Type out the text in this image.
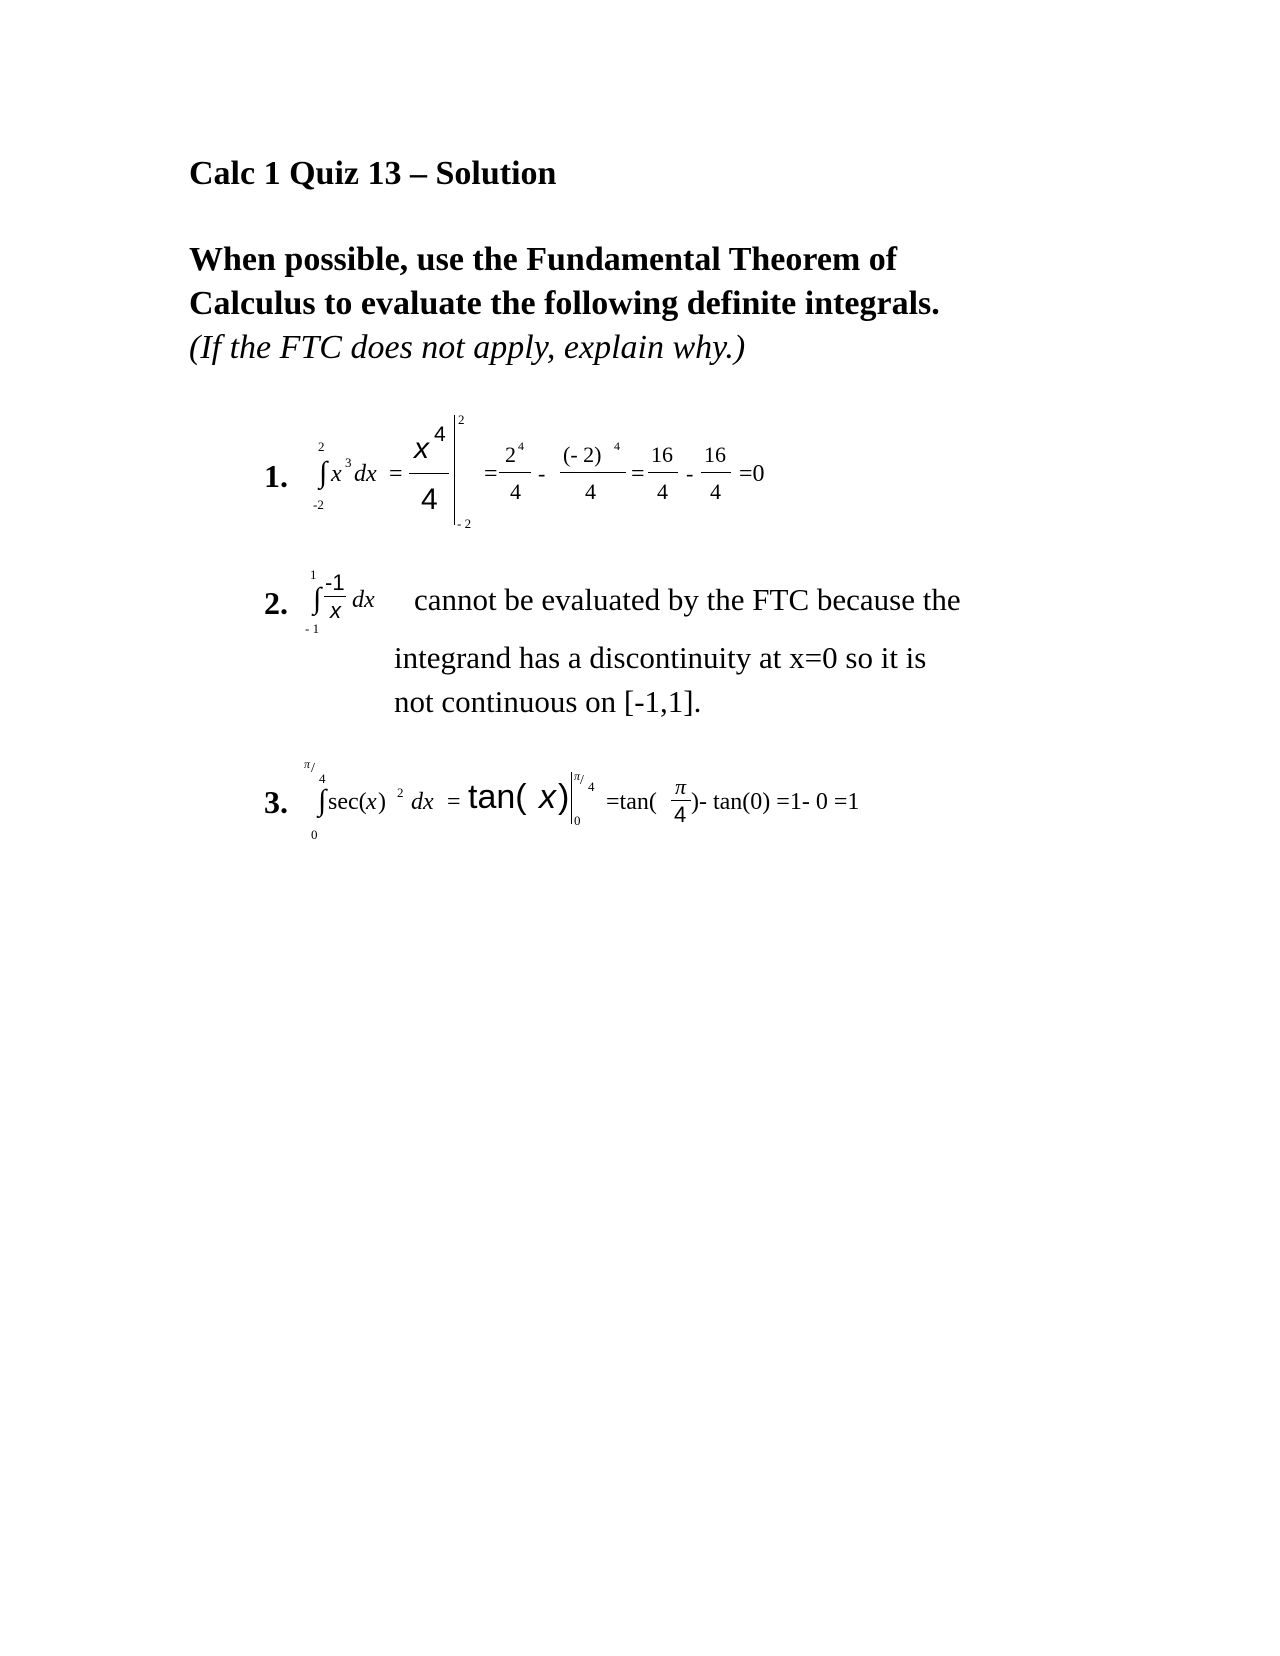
Calc 1 Quiz 13 – Solution
When possible, use the Fundamental Theorem of
Calculus to evaluate the following definite integrals.
(If the FTC does not apply, explain why.)
1.
2
-2
∫ x 3 dx =
x 4
4
2
- 2
=
2 4
4
-
(- 2) 4
4
=
16
4
-
16
4
=0
2.
1
- 1
∫ -1
x dx cannot be evaluated by the FTC because the
integrand has a discontinuity at x=0 so it is
not continuous on [-1,1].
3.
π /
4
0
∫ sec( x ) 2 dx = tan( x )
π / 4
0
=tan(
π
4 )- tan(0) =1- 0 =1
